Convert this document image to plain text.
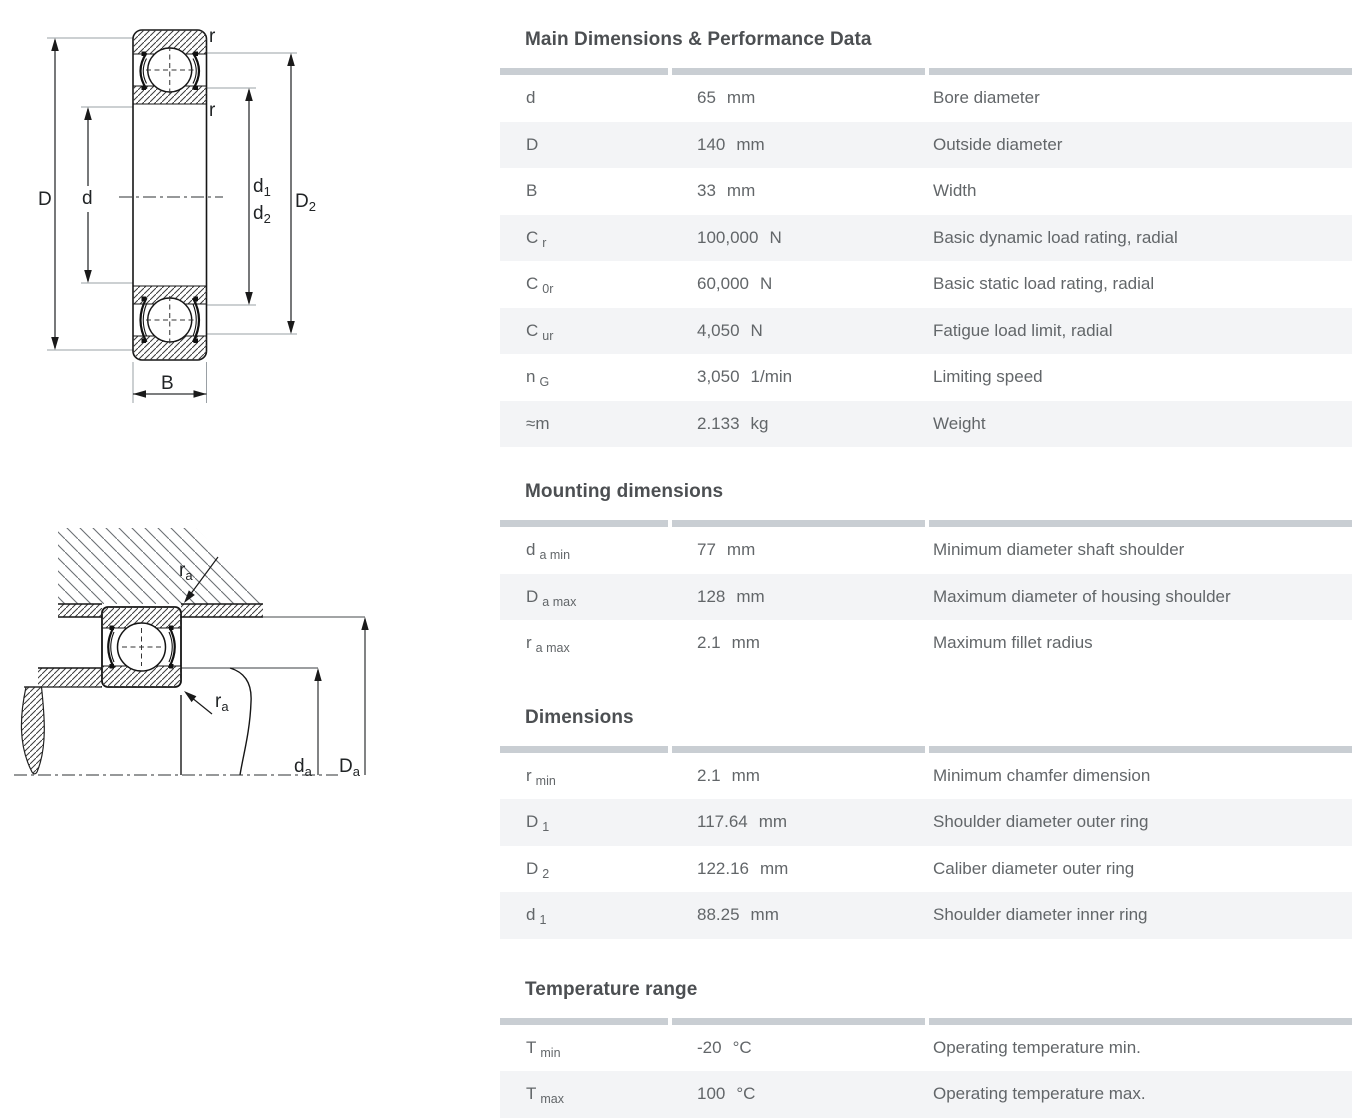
D d
r
r
B
$d_1$
$d_2$
$D_2$
$r_a$
$r_a$
$d_a$ $D_a$
Main Dimensions & Performance Data
d	65 mm	Bore diameter
D	140 mm	Outside diameter
B	33 mm	Width
C $_r$	100,000 N	Basic dynamic load rating, radial
C $_{0r}$	60,000 N	Basic static load rating, radial
C $_{ur}$	4,050 N	Fatigue load limit, radial
n $_G$	3,050 1/min	Limiting speed
≈m	2.133 kg	Weight
Mounting dimensions
d $_{a min}$	77 mm	Minimum diameter shaft shoulder
D $_{a max}$	128 mm	Maximum diameter of housing shoulder
r $_{a max}$	2.1 mm	Maximum fillet radius
Dimensions
r $_{min}$	2.1 mm	Minimum chamfer dimension
D $_1$	117.64 mm	Shoulder diameter outer ring
D $_2$	122.16 mm	Caliber diameter outer ring
d $_1$	88.25 mm	Shoulder diameter inner ring
Temperature range
T $_{min}$	-20 °C	Operating temperature min.
T $_{max}$	100 °C	Operating temperature max.
